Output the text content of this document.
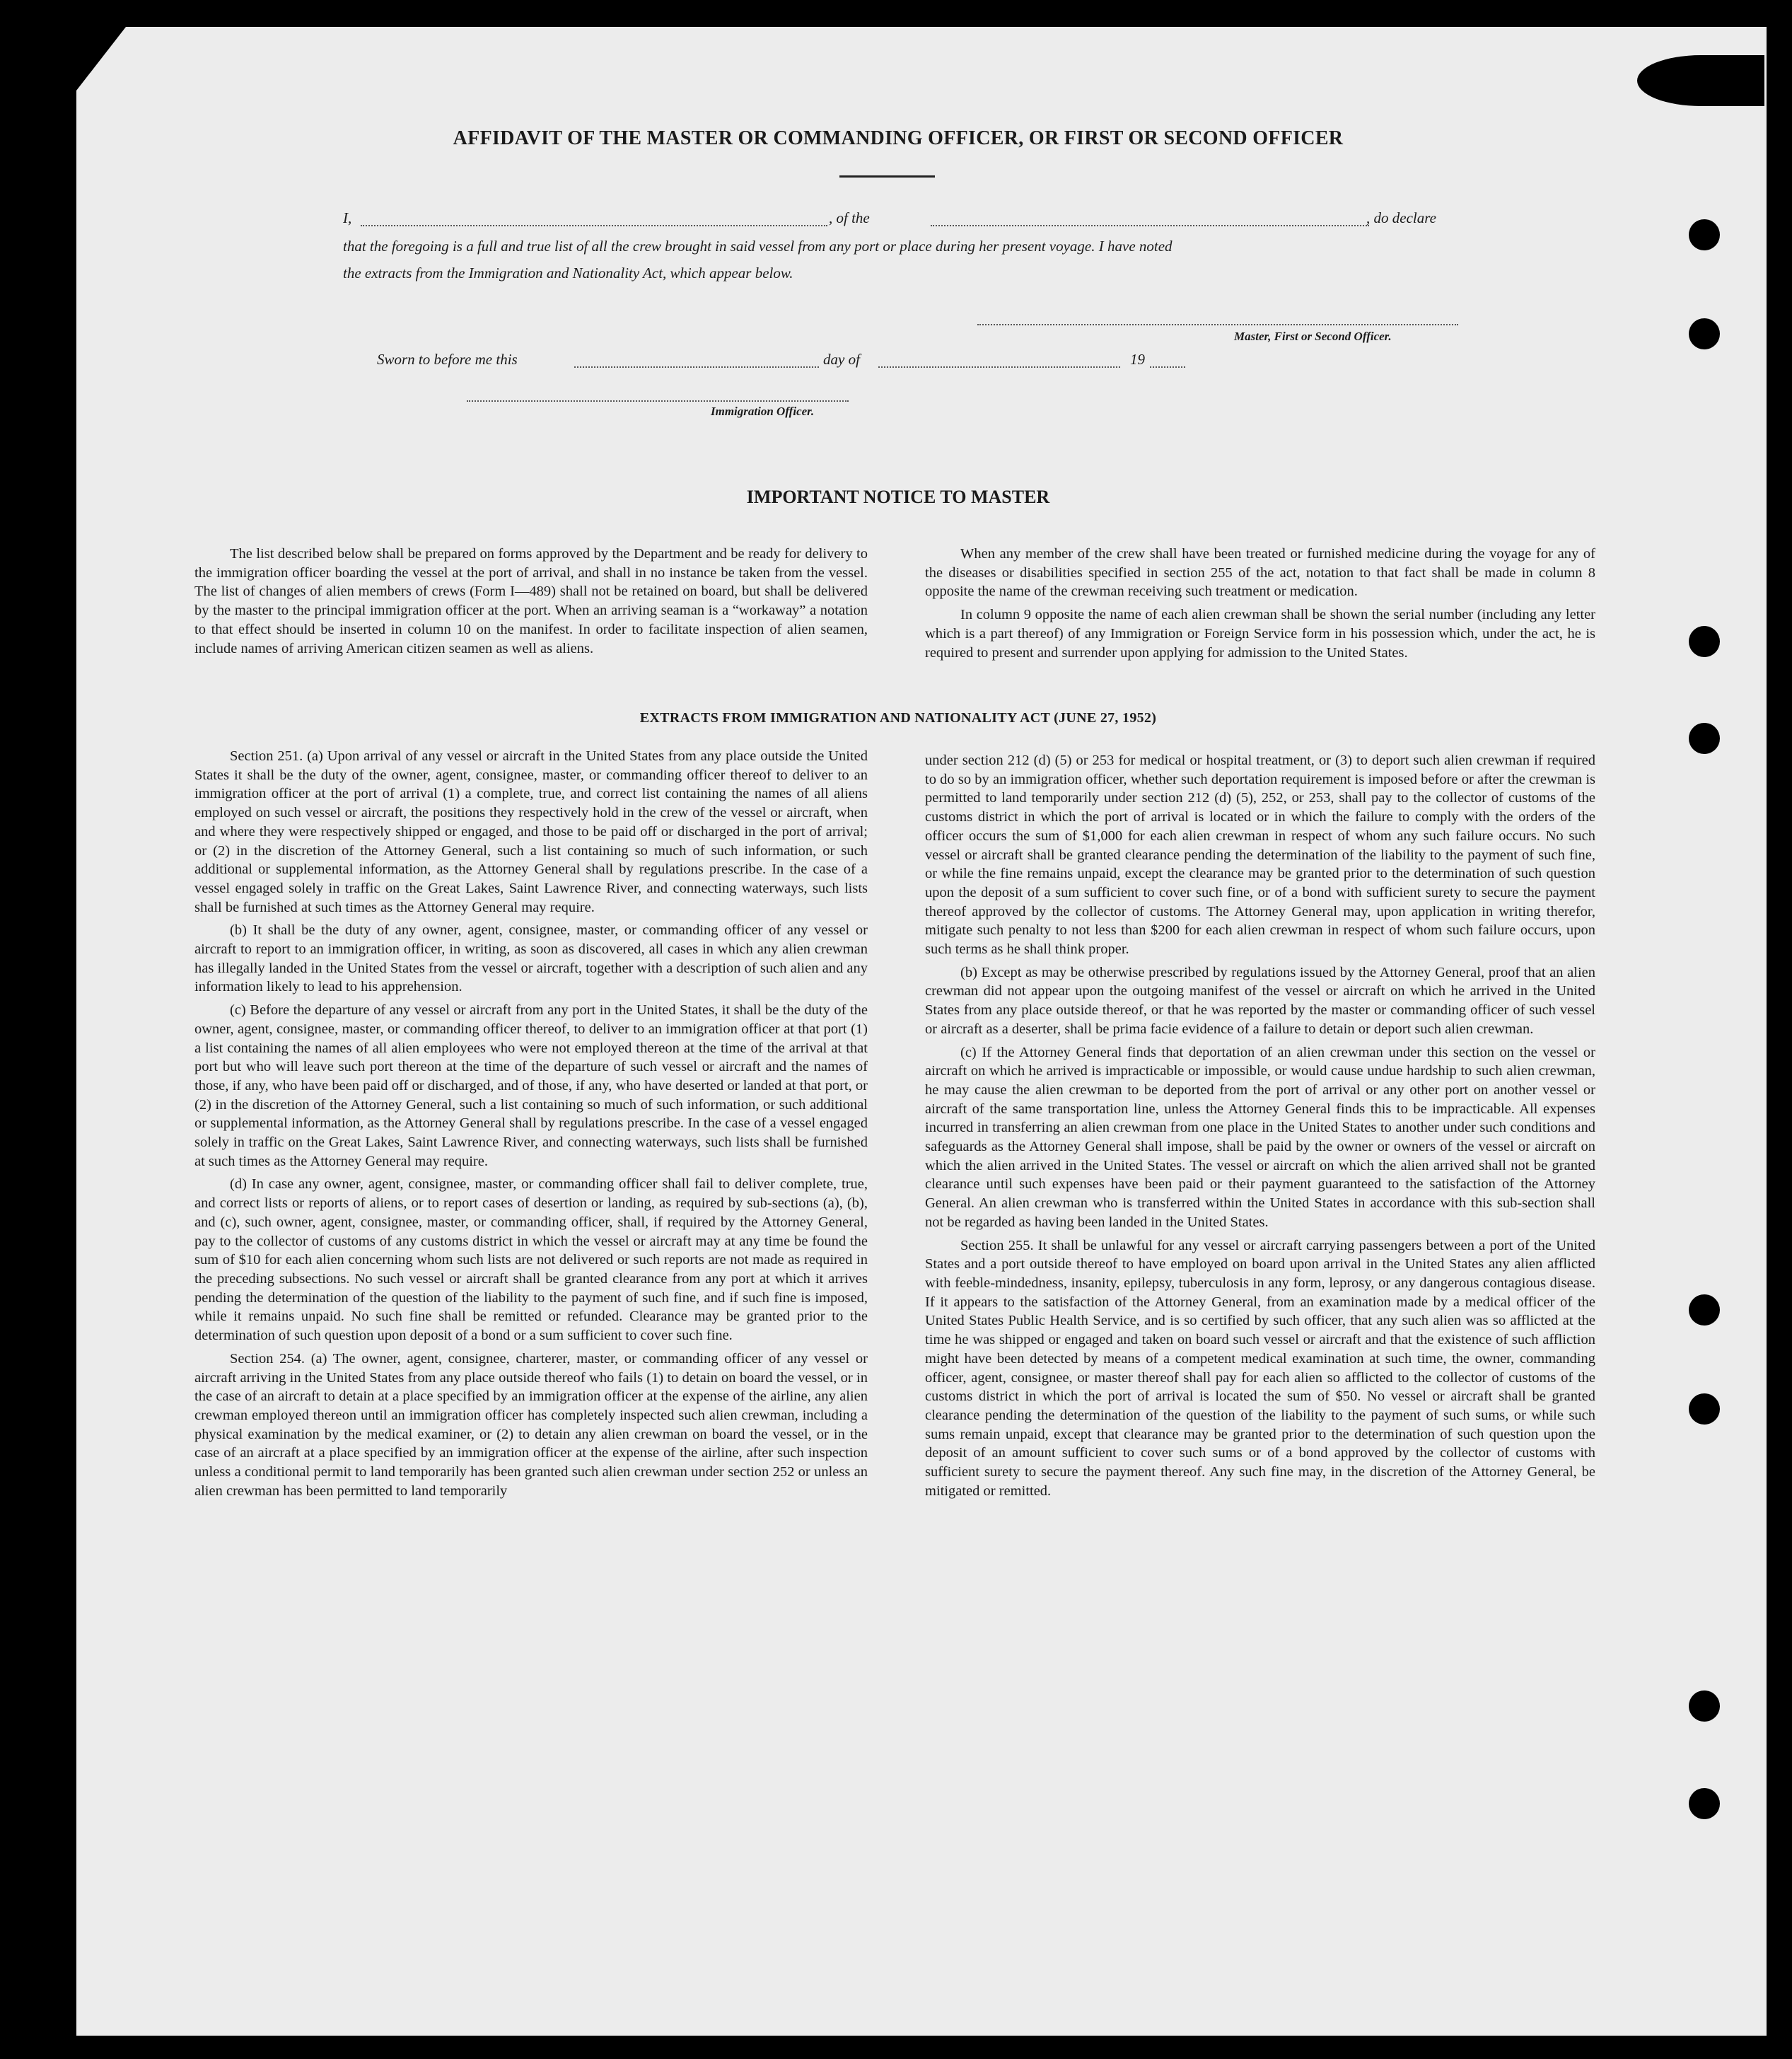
AFFIDAVIT OF THE MASTER OR COMMANDING OFFICER, OR FIRST OR SECOND OFFICER
I,	, of the	, do declare
that the foregoing is a full and true list of all the crew brought in said vessel from any port or place during her present voyage. I have noted
the extracts from the Immigration and Nationality Act, which appear below.
Master, First or Second Officer.
Sworn to before me this	day of	19
Immigration Officer.
IMPORTANT NOTICE TO MASTER

The list described below shall be prepared on forms approved by the Department and be ready for delivery to the immigration officer boarding the vessel at the port of arrival, and shall in no instance be taken from the vessel. The list of changes of alien members of crews (Form I—489) shall not be retained on board, but shall be delivered by the master to the principal immigration officer at the port. When an arriving seaman is a “workaway” a notation to that effect should be inserted in column 10 on the manifest. In order to facilitate inspection of alien seamen, include names of arriving American citizen seamen as well as aliens.

When any member of the crew shall have been treated or furnished medicine during the voyage for any of the diseases or disabilities specified in section 255 of the act, notation to that fact shall be made in column 8 opposite the name of the crewman receiving such treatment or medication.

In column 9 opposite the name of each alien crewman shall be shown the serial number (including any letter which is a part thereof) of any Immigration or Foreign Service form in his possession which, under the act, he is required to present and surrender upon applying for admission to the United States.

EXTRACTS FROM IMMIGRATION AND NATIONALITY ACT (JUNE 27, 1952)

Section 251. (a) Upon arrival of any vessel or aircraft in the United States from any place outside the United States it shall be the duty of the owner, agent, consignee, master, or commanding officer thereof to deliver to an immigration officer at the port of arrival (1) a complete, true, and correct list containing the names of all aliens employed on such vessel or aircraft, the positions they respectively hold in the crew of the vessel or aircraft, when and where they were respectively shipped or engaged, and those to be paid off or discharged in the port of arrival; or (2) in the discretion of the Attorney General, such a list containing so much of such information, or such additional or supplemental information, as the Attorney General shall by regulations prescribe. In the case of a vessel engaged solely in traffic on the Great Lakes, Saint Lawrence River, and connecting waterways, such lists shall be furnished at such times as the Attorney General may require.

(b) It shall be the duty of any owner, agent, consignee, master, or commanding officer of any vessel or aircraft to report to an immigration officer, in writing, as soon as discovered, all cases in which any alien crewman has illegally landed in the United States from the vessel or aircraft, together with a description of such alien and any information likely to lead to his apprehension.

(c) Before the departure of any vessel or aircraft from any port in the United States, it shall be the duty of the owner, agent, consignee, master, or commanding officer thereof, to deliver to an immigration officer at that port (1) a list containing the names of all alien employees who were not employed thereon at the time of the arrival at that port but who will leave such port thereon at the time of the departure of such vessel or aircraft and the names of those, if any, who have been paid off or discharged, and of those, if any, who have deserted or landed at that port, or (2) in the discretion of the Attorney General, such a list containing so much of such information, or such additional or supplemental information, as the Attorney General shall by regulations prescribe. In the case of a vessel engaged solely in traffic on the Great Lakes, Saint Lawrence River, and connecting waterways, such lists shall be furnished at such times as the Attorney General may require.

(d) In case any owner, agent, consignee, master, or commanding officer shall fail to deliver complete, true, and correct lists or reports of aliens, or to report cases of desertion or landing, as required by sub-sections (a), (b), and (c), such owner, agent, consignee, master, or commanding officer, shall, if required by the Attorney General, pay to the collector of customs of any customs district in which the vessel or aircraft may at any time be found the sum of $10 for each alien concerning whom such lists are not delivered or such reports are not made as required in the preceding subsections. No such vessel or aircraft shall be granted clearance from any port at which it arrives pending the determination of the question of the liability to the payment of such fine, and if such fine is imposed, while it remains unpaid. No such fine shall be remitted or refunded. Clearance may be granted prior to the determination of such question upon deposit of a bond or a sum sufficient to cover such fine.

Section 254. (a) The owner, agent, consignee, charterer, master, or commanding officer of any vessel or aircraft arriving in the United States from any place outside thereof who fails (1) to detain on board the vessel, or in the case of an aircraft to detain at a place specified by an immigration officer at the expense of the airline, any alien crewman employed thereon until an immigration officer has completely inspected such alien crewman, including a physical examination by the medical examiner, or (2) to detain any alien crewman on board the vessel, or in the case of an aircraft at a place specified by an immigration officer at the expense of the airline, after such inspection unless a conditional permit to land temporarily has been granted such alien crewman under section 252 or unless an alien crewman has been permitted to land temporarily

under section 212 (d) (5) or 253 for medical or hospital treatment, or (3) to deport such alien crewman if required to do so by an immigration officer, whether such deportation requirement is imposed before or after the crewman is permitted to land temporarily under section 212 (d) (5), 252, or 253, shall pay to the collector of customs of the customs district in which the port of arrival is located or in which the failure to comply with the orders of the officer occurs the sum of $1,000 for each alien crewman in respect of whom any such failure occurs. No such vessel or aircraft shall be granted clearance pending the determination of the liability to the payment of such fine, or while the fine remains unpaid, except the clearance may be granted prior to the determination of such question upon the deposit of a sum sufficient to cover such fine, or of a bond with sufficient surety to secure the payment thereof approved by the collector of customs. The Attorney General may, upon application in writing therefor, mitigate such penalty to not less than $200 for each alien crewman in respect of whom such failure occurs, upon such terms as he shall think proper.

(b) Except as may be otherwise prescribed by regulations issued by the Attorney General, proof that an alien crewman did not appear upon the outgoing manifest of the vessel or aircraft on which he arrived in the United States from any place outside thereof, or that he was reported by the master or commanding officer of such vessel or aircraft as a deserter, shall be prima facie evidence of a failure to detain or deport such alien crewman.

(c) If the Attorney General finds that deportation of an alien crewman under this section on the vessel or aircraft on which he arrived is impracticable or impossible, or would cause undue hardship to such alien crewman, he may cause the alien crewman to be deported from the port of arrival or any other port on another vessel or aircraft of the same transportation line, unless the Attorney General finds this to be impracticable. All expenses incurred in transferring an alien crewman from one place in the United States to another under such conditions and safeguards as the Attorney General shall impose, shall be paid by the owner or owners of the vessel or aircraft on which the alien arrived in the United States. The vessel or aircraft on which the alien arrived shall not be granted clearance until such expenses have been paid or their payment guaranteed to the satisfaction of the Attorney General. An alien crewman who is transferred within the United States in accordance with this sub-section shall not be regarded as having been landed in the United States.

Section 255. It shall be unlawful for any vessel or aircraft carrying passengers between a port of the United States and a port outside thereof to have employed on board upon arrival in the United States any alien afflicted with feeble-mindedness, insanity, epilepsy, tuberculosis in any form, leprosy, or any dangerous contagious disease. If it appears to the satisfaction of the Attorney General, from an examination made by a medical officer of the United States Public Health Service, and is so certified by such officer, that any such alien was so afflicted at the time he was shipped or engaged and taken on board such vessel or aircraft and that the existence of such affliction might have been detected by means of a competent medical examination at such time, the owner, commanding officer, agent, consignee, or master thereof shall pay for each alien so afflicted to the collector of customs of the customs district in which the port of arrival is located the sum of $50. No vessel or aircraft shall be granted clearance pending the determination of the question of the liability to the payment of such sums, or while such sums remain unpaid, except that clearance may be granted prior to the determination of such question upon the deposit of an amount sufficient to cover such sums or of a bond approved by the collector of customs with sufficient surety to secure the payment thereof. Any such fine may, in the discretion of the Attorney General, be mitigated or remitted.
